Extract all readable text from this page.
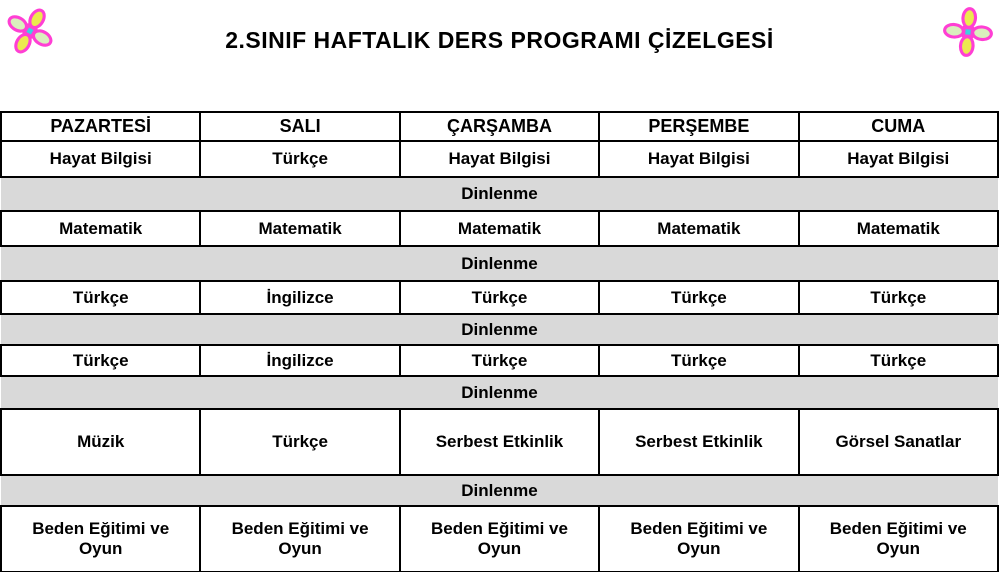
2.SINIF HAFTALIK DERS PROGRAMI ÇİZELGESİ
PAZARTESİ	SALI	ÇARŞAMBA	PERŞEMBE	CUMA
Hayat Bilgisi	Türkçe	Hayat Bilgisi	Hayat Bilgisi	Hayat Bilgisi
Dinlenme				
Matematik	Matematik	Matematik	Matematik	Matematik
Dinlenme				
Türkçe	İngilizce	Türkçe	Türkçe	Türkçe
Dinlenme				
Türkçe	İngilizce	Türkçe	Türkçe	Türkçe
Dinlenme				
Müzik	Türkçe	Serbest Etkinlik	Serbest Etkinlik	Görsel Sanatlar
Dinlenme				
Beden Eğitimi ve Oyun	Beden Eğitimi ve Oyun	Beden Eğitimi ve Oyun	Beden Eğitimi ve Oyun	Beden Eğitimi ve Oyun
